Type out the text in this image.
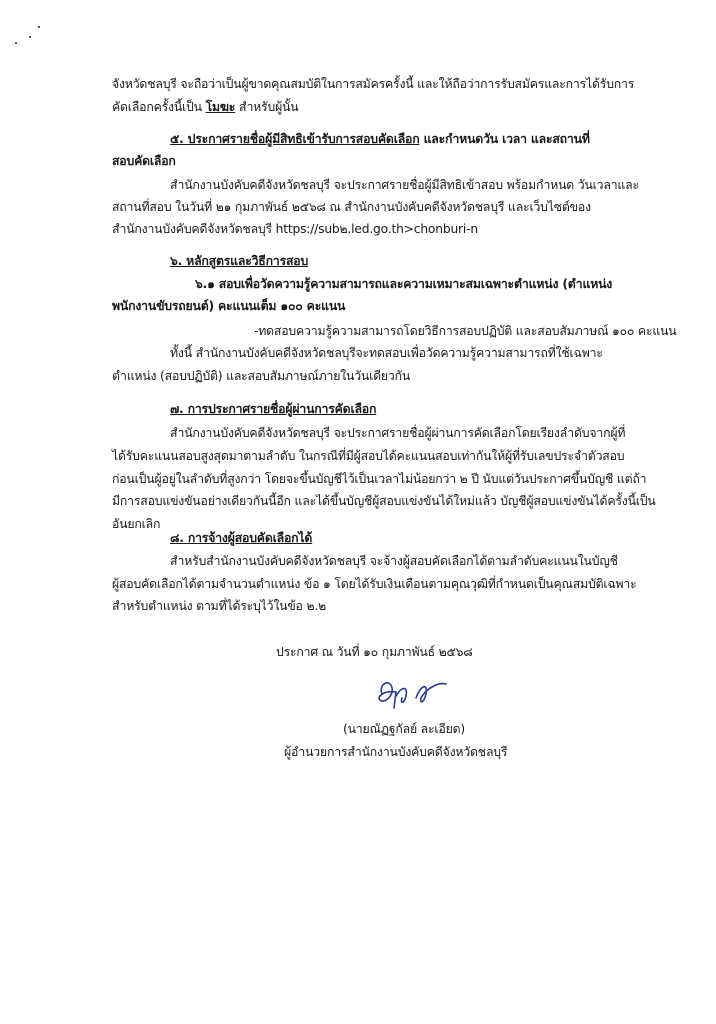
จังหวัดชลบุรี จะถือว่าเป็นผู้ขาดคุณสมบัติในการสมัครครั้งนี้ และให้ถือว่าการรับสมัครและการได้รับการ
คัดเลือกครั้งนี้เป็น โมฆะ สำหรับผู้นั้น
๕. ประกาศรายชื่อผู้มีสิทธิเข้ารับการสอบคัดเลือก และกำหนดวัน เวลา และสถานที่
สอบคัดเลือก
สำนักงานบังคับคดีจังหวัดชลบุรี จะประกาศรายชื่อผู้มีสิทธิเข้าสอบ พร้อมกำหนด วันเวลาและ
สถานที่สอบ ในวันที่ ๒๑ กุมภาพันธ์ ๒๕๖๘ ณ สำนักงานบังคับคดีจังหวัดชลบุรี และเว็บไซต์ของ
สำนักงานบังคับคดีจังหวัดชลบุรี https://sub๒.led.go.th>chonburi-n
๖. หลักสูตรและวิธีการสอบ
๖.๑ สอบเพื่อวัดความรู้ความสามารถและความเหมาะสมเฉพาะตำแหน่ง (ตำแหน่ง
พนักงานขับรถยนต์) คะแนนเต็ม ๑๐๐ คะแนน
-ทดสอบความรู้ความสามารถโดยวิธีการสอบปฏิบัติ และสอบสัมภาษณ์ ๑๐๐ คะแนน
ทั้งนี้ สำนักงานบังคับคดีจังหวัดชลบุรีจะทดสอบเพื่อวัดความรู้ความสามารถที่ใช้เฉพาะ
ตำแหน่ง (สอบปฏิบัติ) และสอบสัมภาษณ์ภายในวันเดียวกัน
๗. การประกาศรายชื่อผู้ผ่านการคัดเลือก
สำนักงานบังคับคดีจังหวัดชลบุรี จะประกาศรายชื่อผู้ผ่านการคัดเลือกโดยเรียงลำดับจากผู้ที่
ได้รับคะแนนสอบสูงสุดมาตามลำดับ ในกรณีที่มีผู้สอบได้คะแนนสอบเท่ากันให้ผู้ที่รับเลขประจำตัวสอบ
ก่อนเป็นผู้อยู่ในลำดับที่สูงกว่า โดยจะขึ้นบัญชีไว้เป็นเวลาไม่น้อยกว่า ๒ ปี นับแต่วันประกาศขึ้นบัญชี แต่ถ้า
มีการสอบแข่งขันอย่างเดียวกันนี้อีก และได้ขึ้นบัญชีผู้สอบแข่งขันได้ใหม่แล้ว บัญชีผู้สอบแข่งขันได้ครั้งนี้เป็น
อันยกเลิก
๘. การจ้างผู้สอบคัดเลือกได้
สำหรับสำนักงานบังคับคดีจังหวัดชลบุรี จะจ้างผู้สอบคัดเลือกได้ตามลำดับคะแนนในบัญชี
ผู้สอบคัดเลือกได้ตามจำนวนตำแหน่ง ข้อ ๑ โดยได้รับเงินเดือนตามคุณวุฒิที่กำหนดเป็นคุณสมบัติเฉพาะ
สำหรับตำแหน่ง ตามที่ได้ระบุไว้ในข้อ ๒.๒
ประกาศ ณ วันที่ ๑๐ กุมภาพันธ์ ๒๕๖๘
(นายณัฏฐกัลย์ ละเอียด)
ผู้อำนวยการสำนักงานบังคับคดีจังหวัดชลบุรี
